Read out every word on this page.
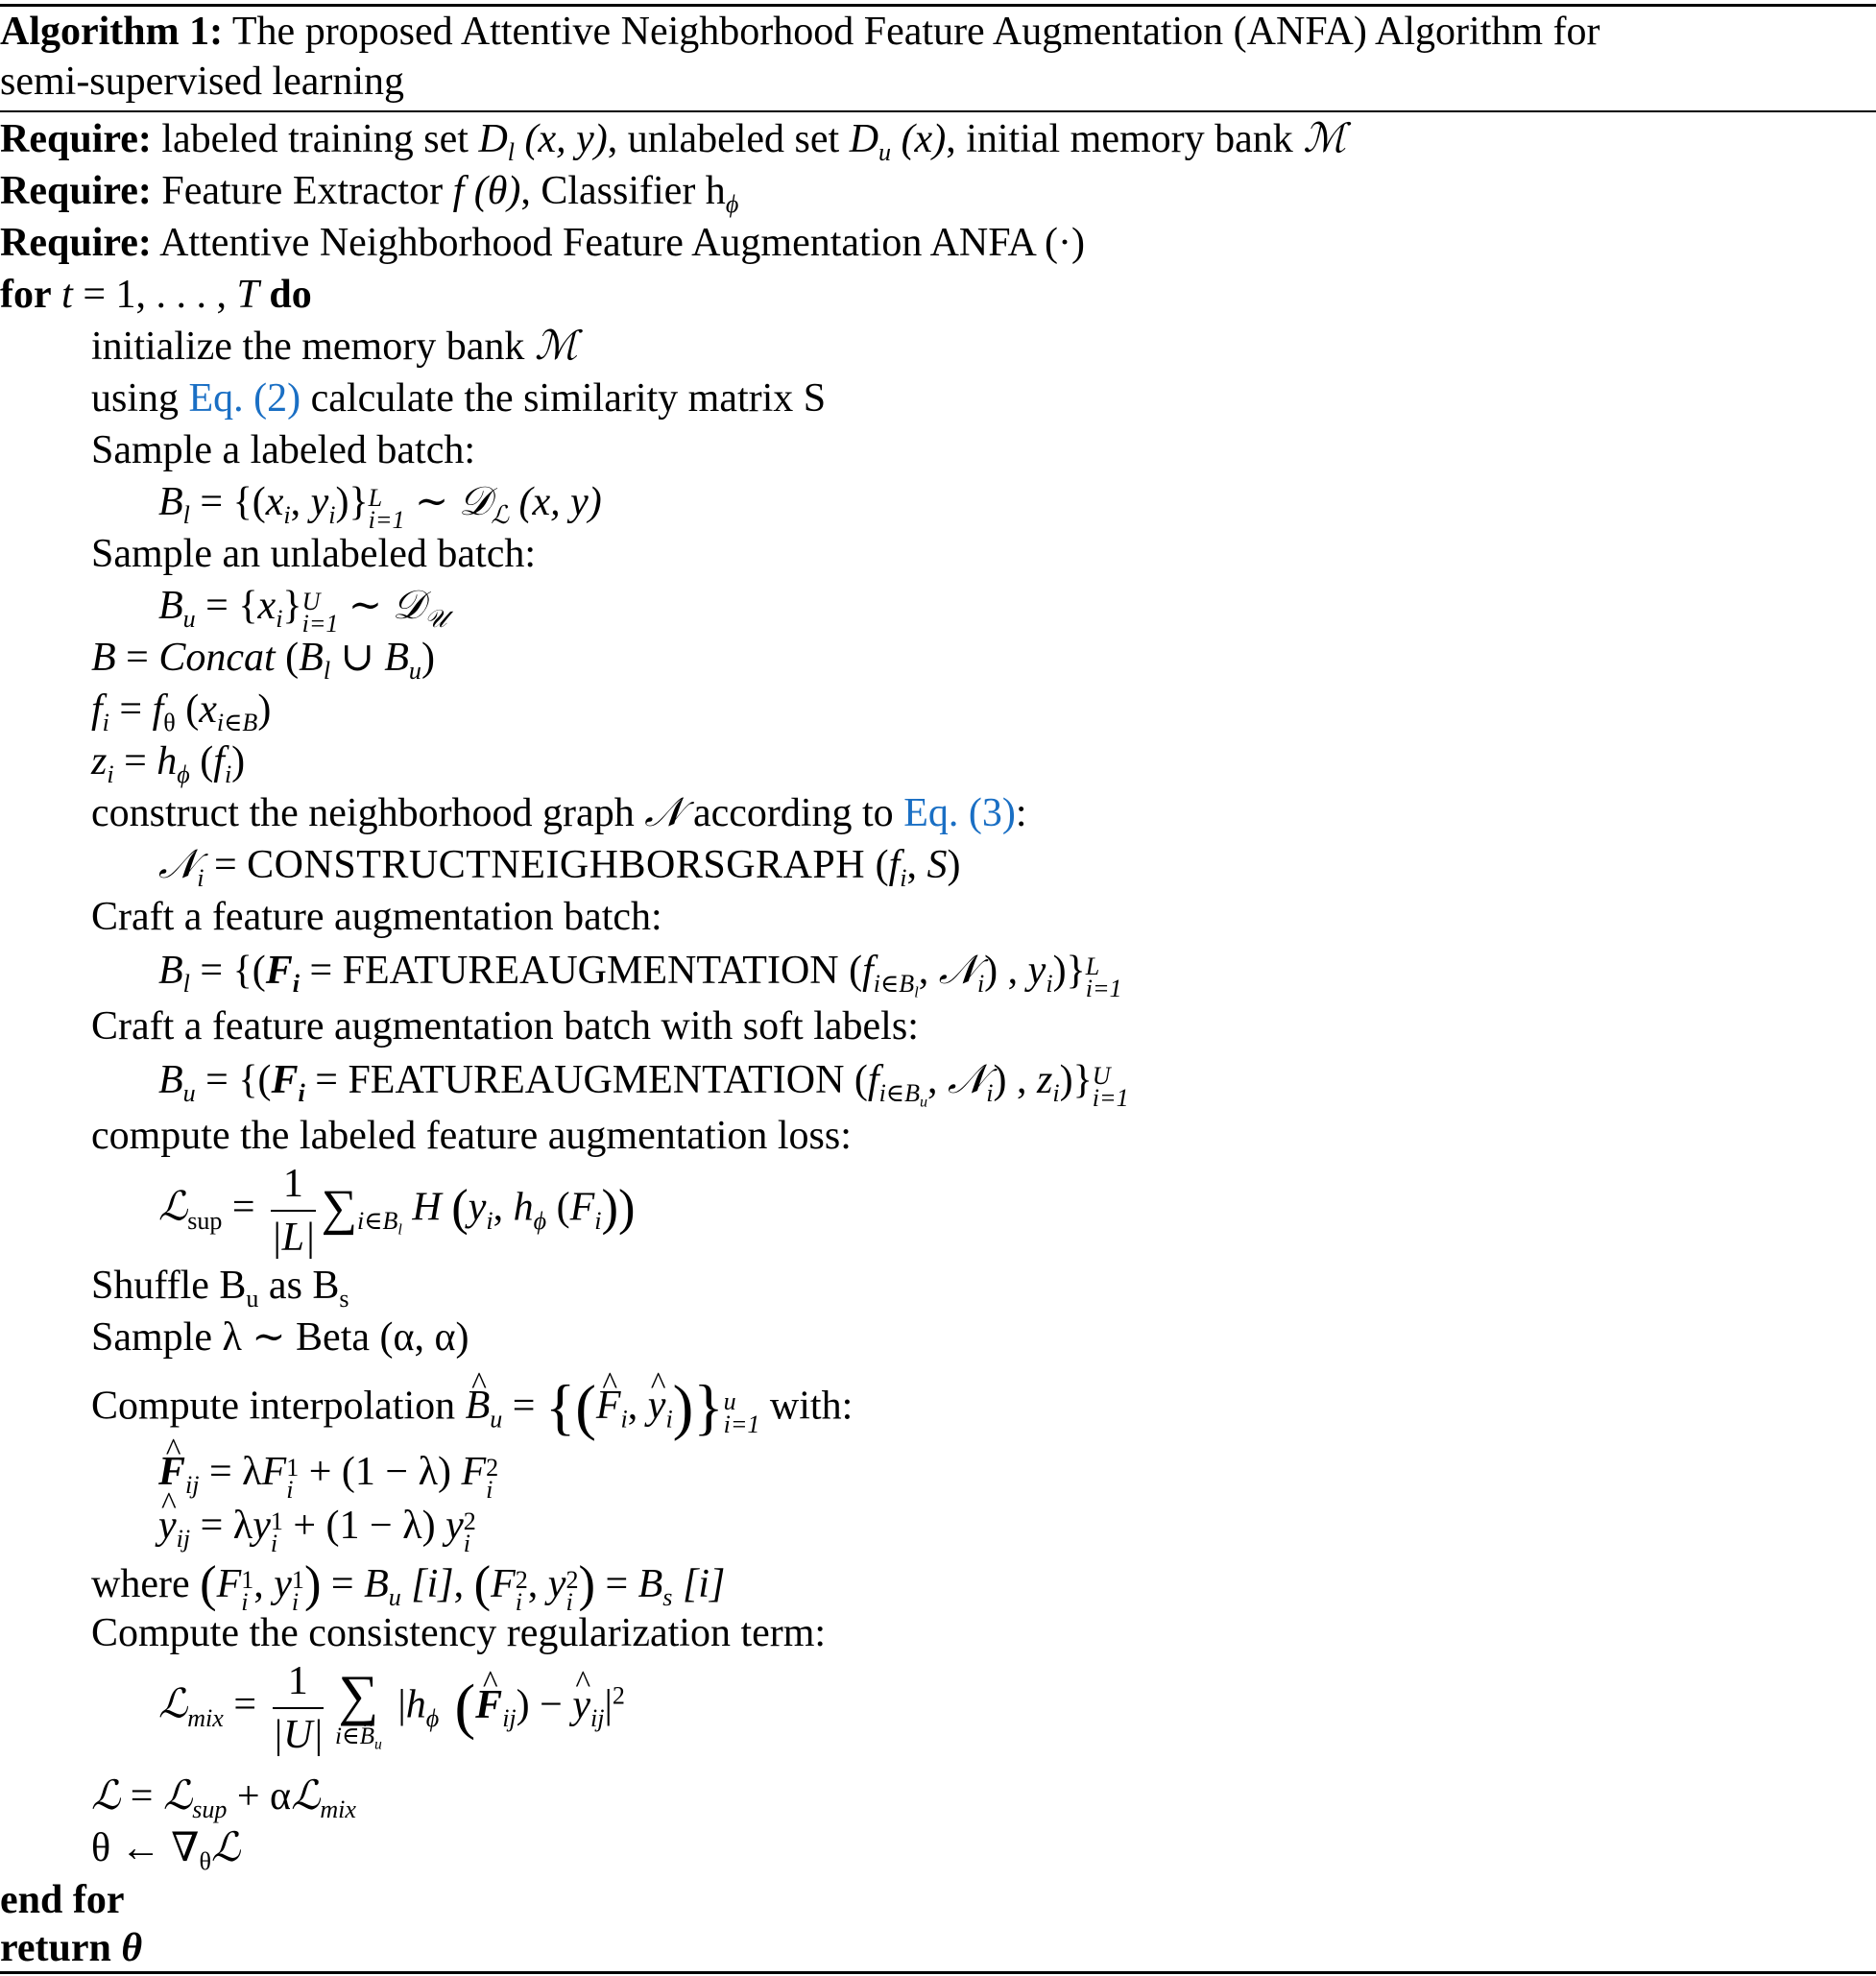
Algorithm 1: The proposed Attentive Neighborhood Feature Augmentation (ANFA) Algorithm for
semi-supervised learning
Require: labeled training set $D_l$ (x, y), unlabeled set $D_u$ (x), initial memory bank ℳ
Require: Feature Extractor f (θ), Classifier $h_\phi$
Require: Attentive Neighborhood Feature Augmentation ANFA (·)
for t = 1, . . . , T do
initialize the memory bank ℳ
using Eq. (2) calculate the similarity matrix S
Sample a labeled batch:
$B_l = \{(x_i$, $y_i$)} L
i=1 ∼ 𝒟$_ℒ$ (x, y)
Sample an unlabeled batch:
$B_u = \{x_i\}$ U
i=1 ∼ 𝒟$_𝒰$
B = Concat ($B_l$ ∪ $B_u$)
$f_i = f_\theta$ $(x_{i\in B})$
$z_i = h_\phi$ $(f_i)$
construct the neighborhood graph 𝒩 according to Eq. (3):
𝒩$_i$ = CONSTRUCTNEIGHBORSGRAPH ($f_i$, S)
Craft a feature augmentation batch:
$B_l = \{(F_i$ = FEATUREAUGMENTATION ($f_{i\in B_l}$, 𝒩$_i$) , $y_i$)} L
i=1
Craft a feature augmentation batch with soft labels:
$B_u = \{(F_i$ = FEATUREAUGMENTATION ($f_{i\in B_u}$, 𝒩$_i$) , $z_i$)} U
i=1
compute the labeled feature augmentation loss:
ℒ$_{sup}$ = $\frac{1}{|L|} \sum_{i\in B_l}$ H ($y_i$, $h_\phi$ $(F_i)$)
Shuffle $B_u$ as $B_s$
Sample λ ∼ Beta (α, α)
Compute interpolation ^ $B_u$ = {(^ $F_i$, ^ $y_i$)} u
i=1 with:
^ $F_{ij} = \lambda F$ 1
i + (1 − λ) F 2
i
^ $y_{ij} = \lambda y$ 1
i + (1 − λ) y 2
i
where (F 1
i , y 1
i ) = $B_u$ [i], (F 2
i , y 2
i ) = $B_s$ [i]
Compute the consistency regularization term:
ℒ$_{mix}$ = $\frac{1}{|U|}$ ∑
$i\in B̂_u$
$|h_\phi$ (^ $F_{ij}$) − ^ $y_{ij}|^2$
ℒ = ℒ$_{sup}$ + αℒ$_{mix}$
θ ← $\nabla_\theta ℒ$
end for
return θ
